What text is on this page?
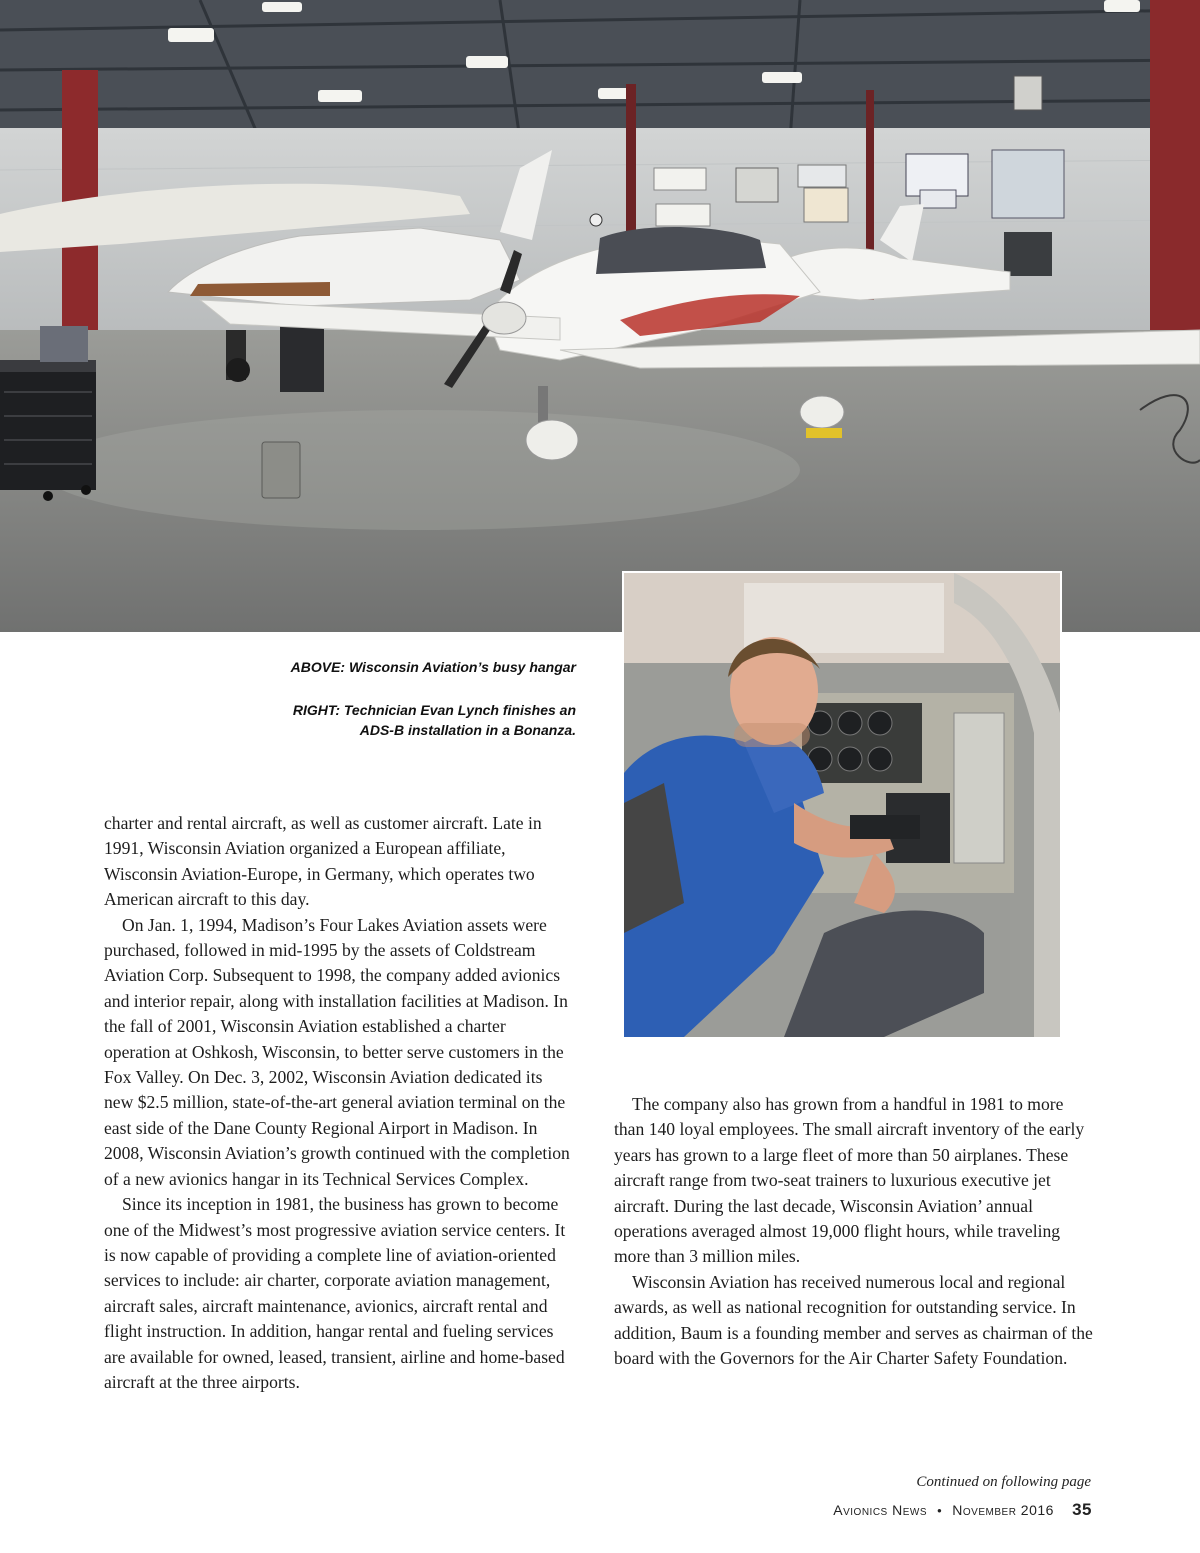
ABOVE: Wisconsin Aviation’s busy hangar
RIGHT: Technician Evan Lynch finishes an
ADS-B installation in a Bonanza.

charter and rental aircraft, as well as customer aircraft. Late in 1991, Wisconsin Aviation organized a European affiliate, Wisconsin Aviation-Europe, in Germany, which operates two American aircraft to this day.

On Jan. 1, 1994, Madison’s Four Lakes Aviation assets were purchased, followed in mid-1995 by the assets of Coldstream Aviation Corp. Subsequent to 1998, the company added avionics and interior repair, along with installation facilities at Madison. In the fall of 2001, Wisconsin Aviation established a charter operation at Oshkosh, Wisconsin, to better serve customers in the Fox Valley. On Dec. 3, 2002, Wisconsin Aviation dedicated its new $2.5 million, state-of-the-art general aviation terminal on the east side of the Dane County Regional Airport in Madison. In 2008, Wisconsin Aviation’s growth continued with the completion of a new avionics hangar in its Technical Services Complex.

Since its inception in 1981, the business has grown to become one of the Midwest’s most progressive aviation service centers. It is now capable of providing a complete line of aviation-oriented services to include: air charter, corporate aviation management, aircraft sales, aircraft maintenance, avionics, aircraft rental and flight instruction. In addition, hangar rental and fueling services are available for owned, leased, transient, airline and home-based aircraft at the three airports.

The company also has grown from a handful in 1981 to more than 140 loyal employees. The small aircraft inventory of the early years has grown to a large fleet of more than 50 airplanes. These aircraft range from two-seat trainers to luxurious executive jet aircraft. During the last decade, Wisconsin Aviation’ annual operations averaged almost 19,000 flight hours, while traveling more than 3 million miles.

Wisconsin Aviation has received numerous local and regional awards, as well as national recognition for outstanding service. In addition, Baum is a founding member and serves as chairman of the board with the Governors for the Air Charter Safety Foundation.

Continued on following page
Avionics News • November 2016 35
